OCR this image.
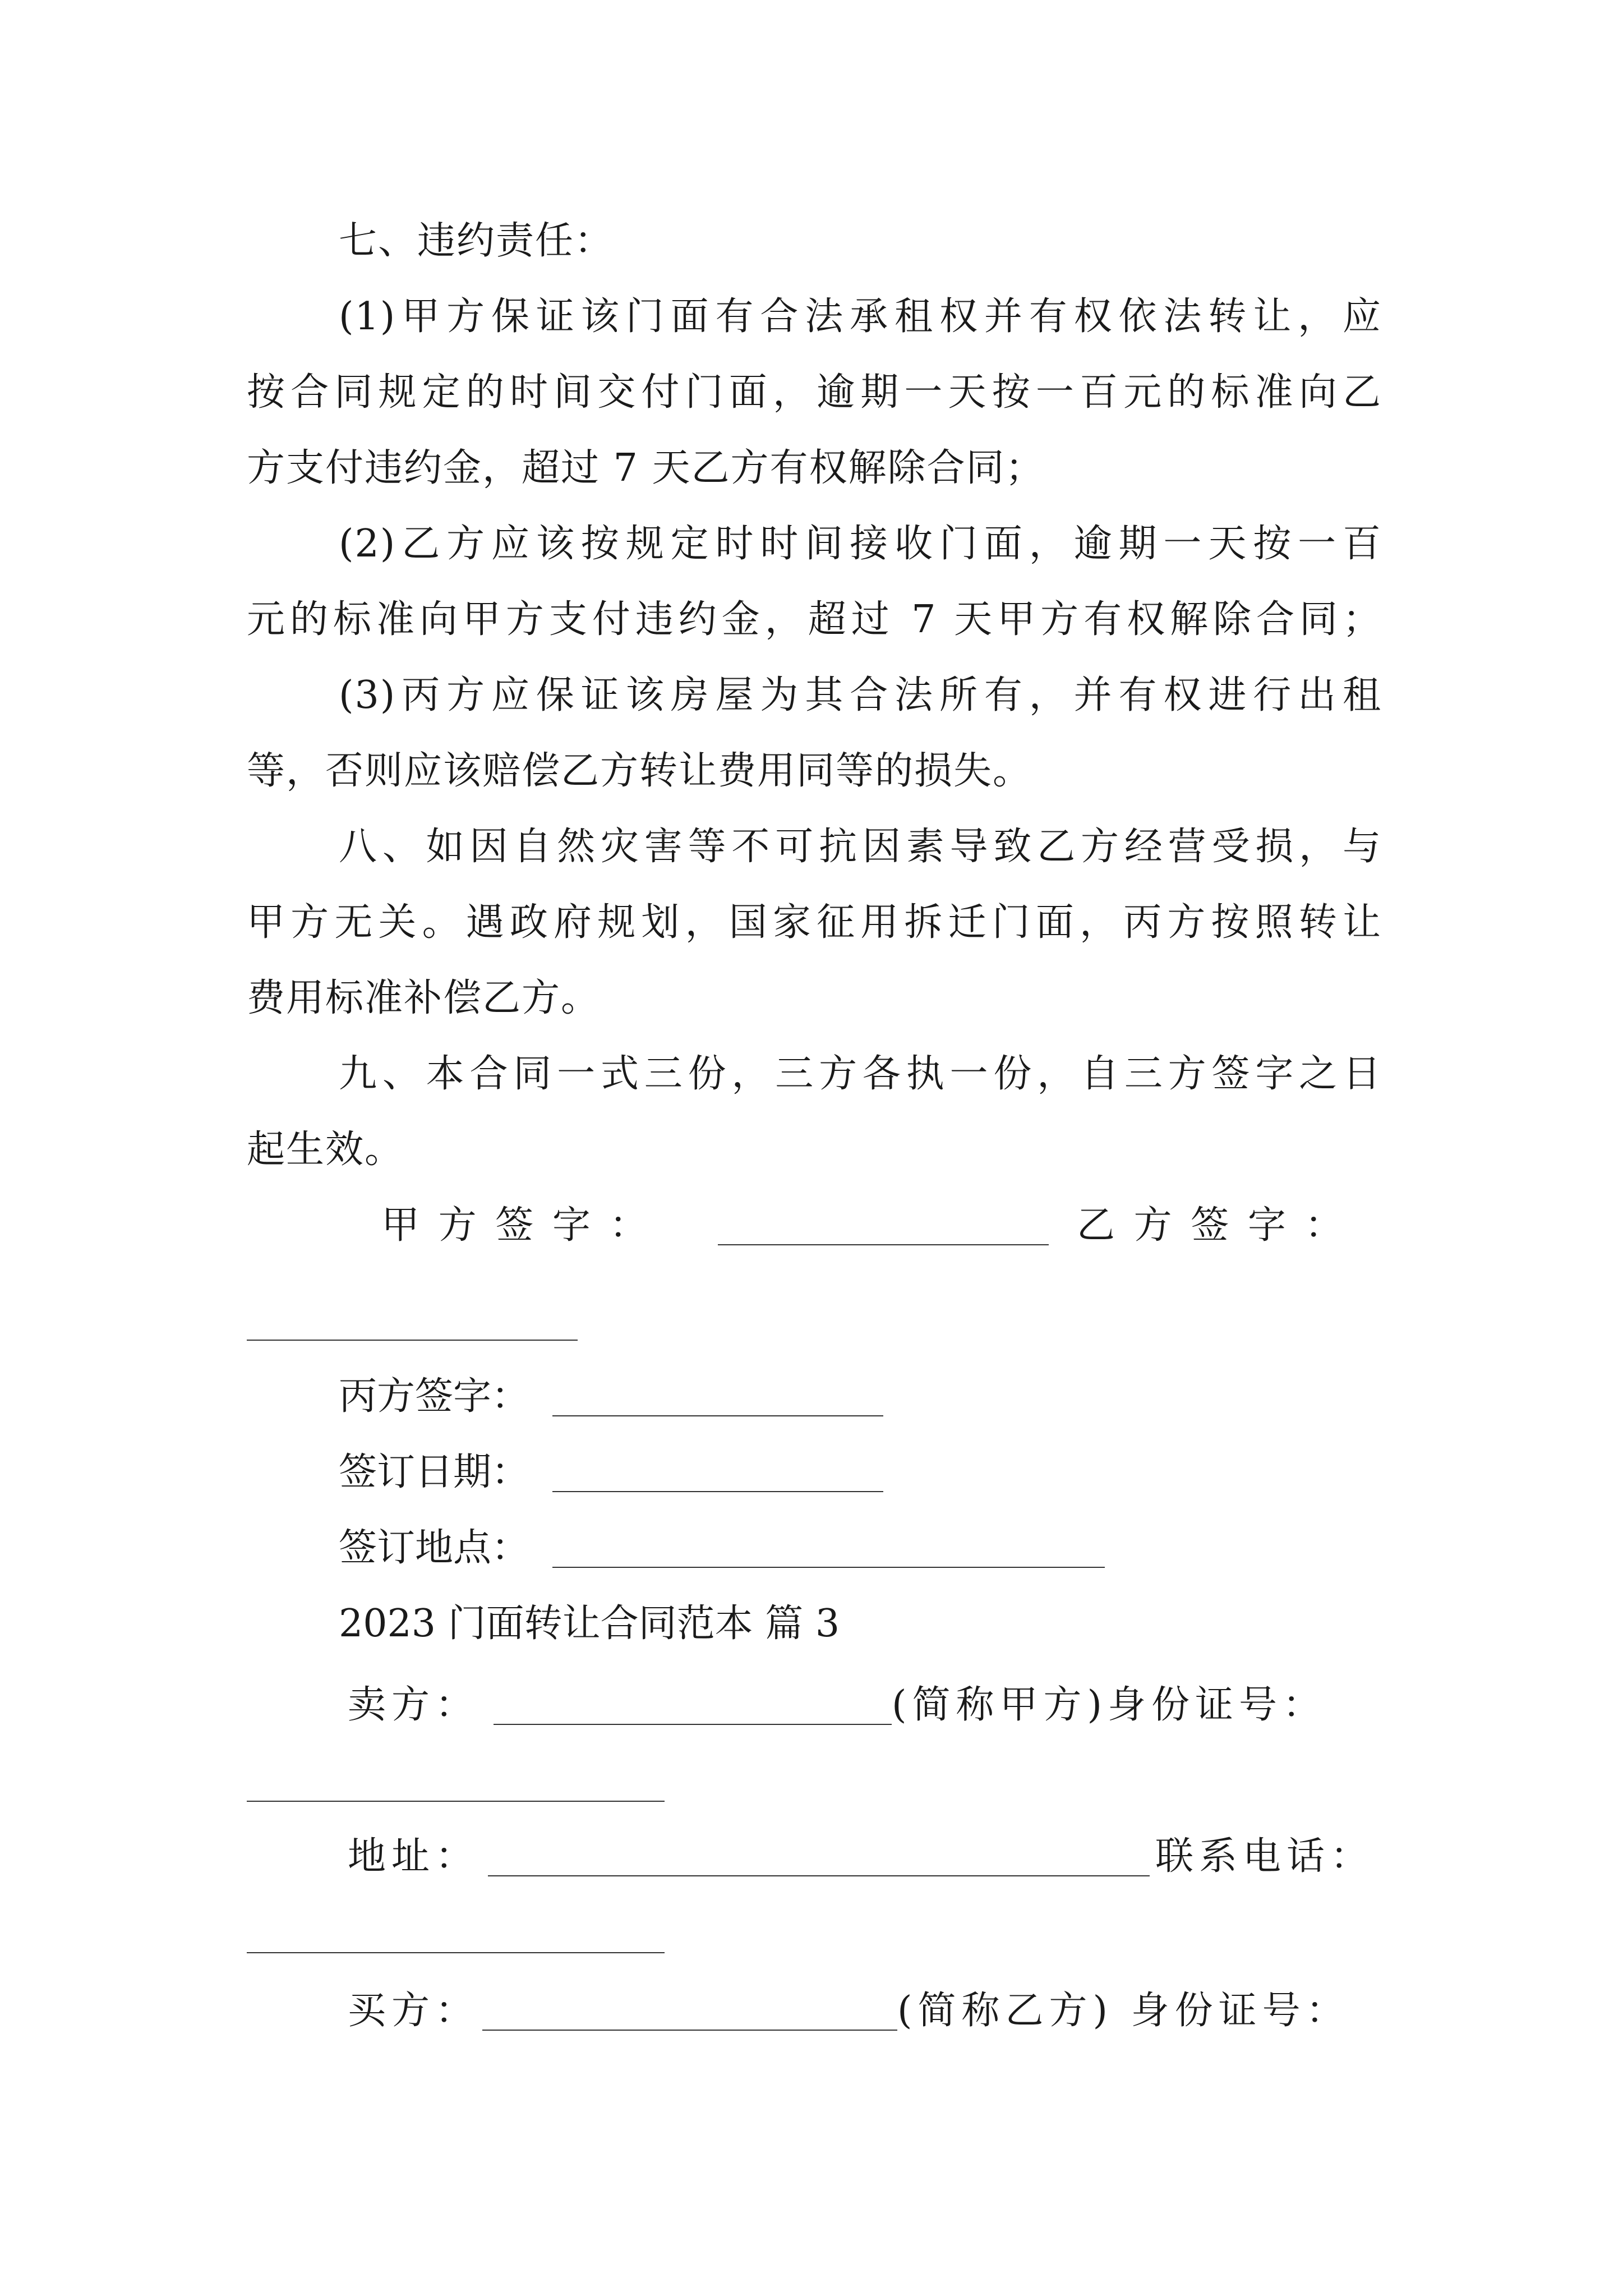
七、违约责任：
(1)甲方保证该门面有合法承租权并有权依法转让，应
按合同规定的时间交付门面，逾期一天按一百元的标准向乙
方支付违约金，超过 7 天乙方有权解除合同；
(2)乙方应该按规定时时间接收门面，逾期一天按一百
元的标准向甲方支付违约金，超过 7 天甲方有权解除合同；
(3)丙方应保证该房屋为其合法所有，并有权进行出租
等，否则应该赔偿乙方转让费用同等的损失。
八、如因自然灾害等不可抗因素导致乙方经营受损，与
甲方无关。遇政府规划，国家征用拆迁门面，丙方按照转让
费用标准补偿乙方。
九、本合同一式三份，三方各执一份，自三方签字之日
起生效。
甲 方 签 字 ：	乙 方 签 字 ：
丙方签字：
签订日期：
签订地点：
2023 门面转让合同范本 篇 3
卖方：	(简称甲方)身份证号：
地址：	联系电话：
买方：	(简称乙方) 身份证号：
